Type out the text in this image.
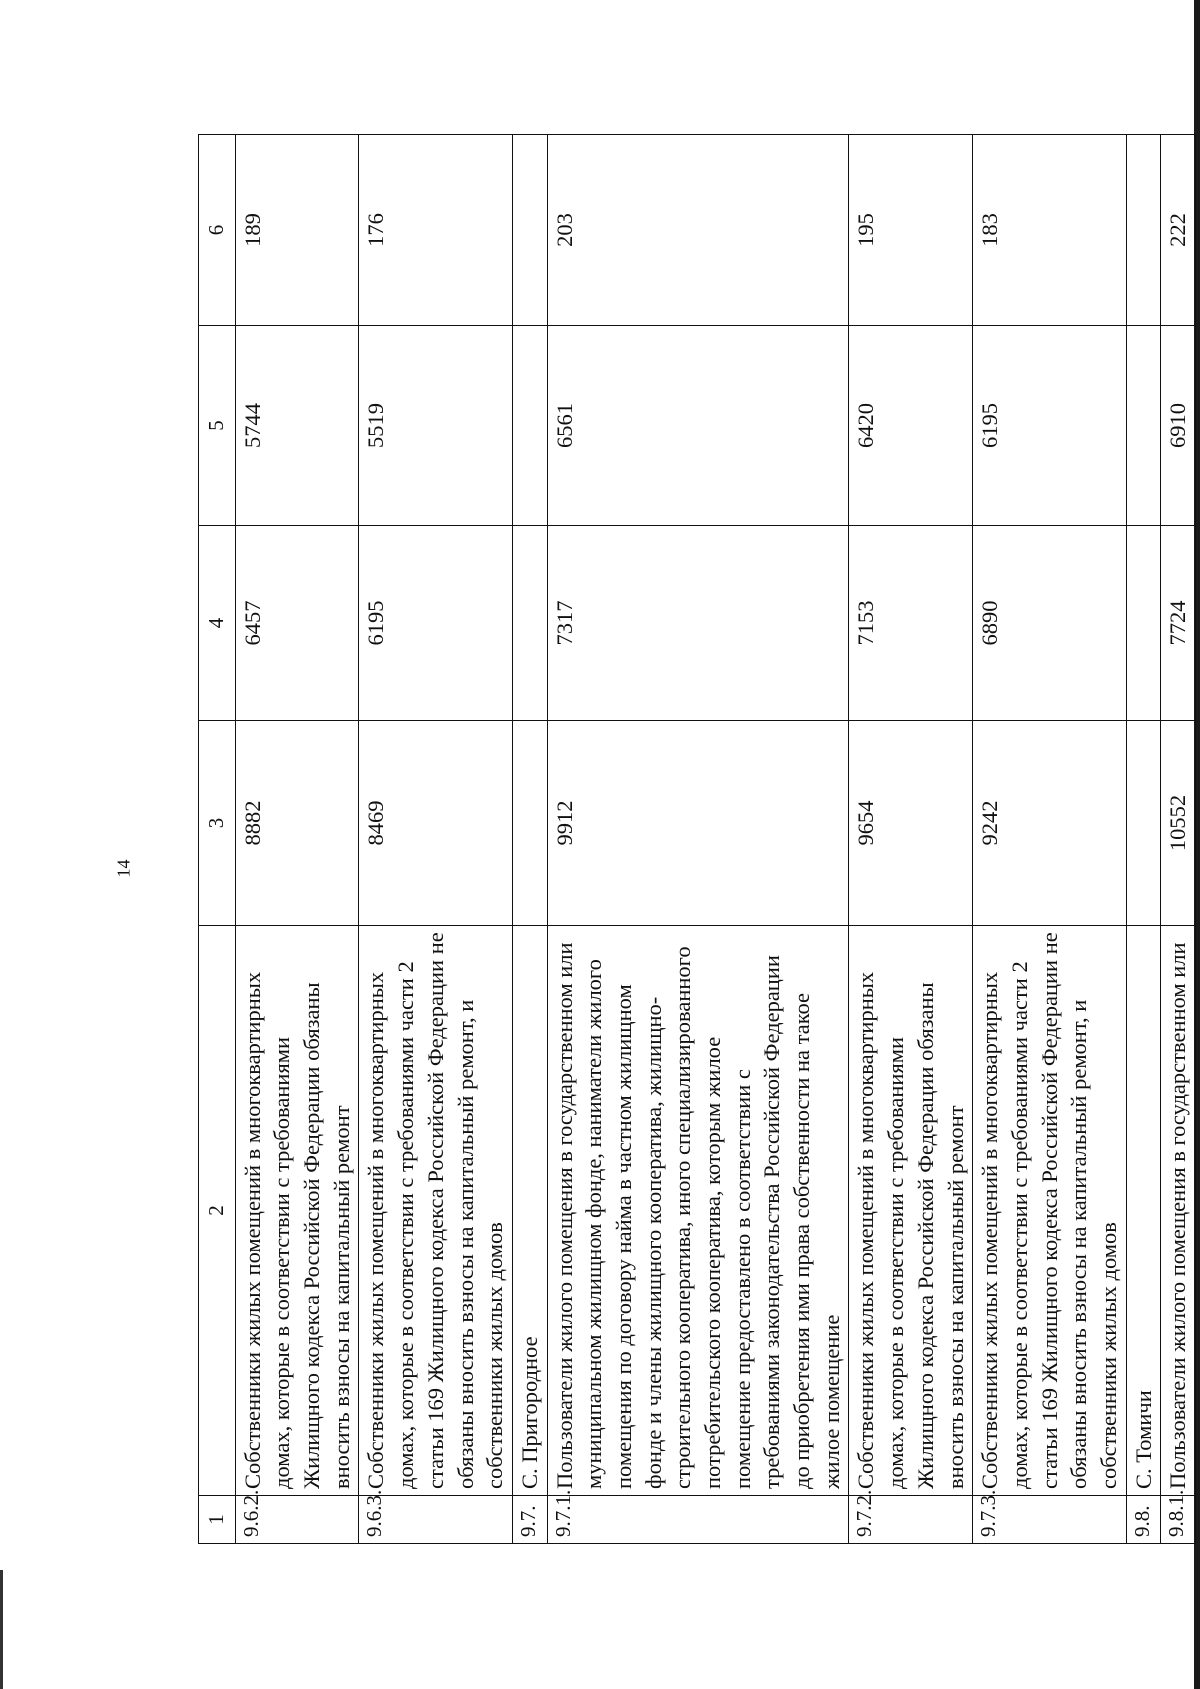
14
1	2	3	4	5	6
9.6.2.	Собственники жилых помещений в многоквартирных домах, которые в соответствии с требованиями Жилищного кодекса Российской Федерации обязаны вносить взносы на капитальный ремонт	8882	6457	5744	189
9.6.3.	Собственники жилых помещений в многоквартирных домах, которые в соответствии с требованиями части 2 статьи 169 Жилищного кодекса Российской Федерации не обязаны вносить взносы на капитальный ремонт, и собственники жилых домов	8469	6195	5519	176
9.7.	С. Пригородное				
9.7.1.	Пользователи жилого помещения в государственном или муниципальном жилищном фонде, наниматели жилого помещения по договору найма в частном жилищном фонде и члены жилищного кооператива, жилищно-строительного кооператива, иного специализированного потребительского кооператива, которым жилое помещение предоставлено в соответствии с требованиями законодательства Российской Федерации до приобретения ими права собственности на такое жилое помещение	9912	7317	6561	203
9.7.2.	Собственники жилых помещений в многоквартирных домах, которые в соответствии с требованиями Жилищного кодекса Российской Федерации обязаны вносить взносы на капитальный ремонт	9654	7153	6420	195
9.7.3.	Собственники жилых помещений в многоквартирных домах, которые в соответствии с требованиями части 2 статьи 169 Жилищного кодекса Российской Федерации не обязаны вносить взносы на капитальный ремонт, и собственники жилых домов	9242	6890	6195	183
9.8.	С. Томичи				
9.8.1.	Пользователи жилого помещения в государственном или	10552	7724	6910	222
